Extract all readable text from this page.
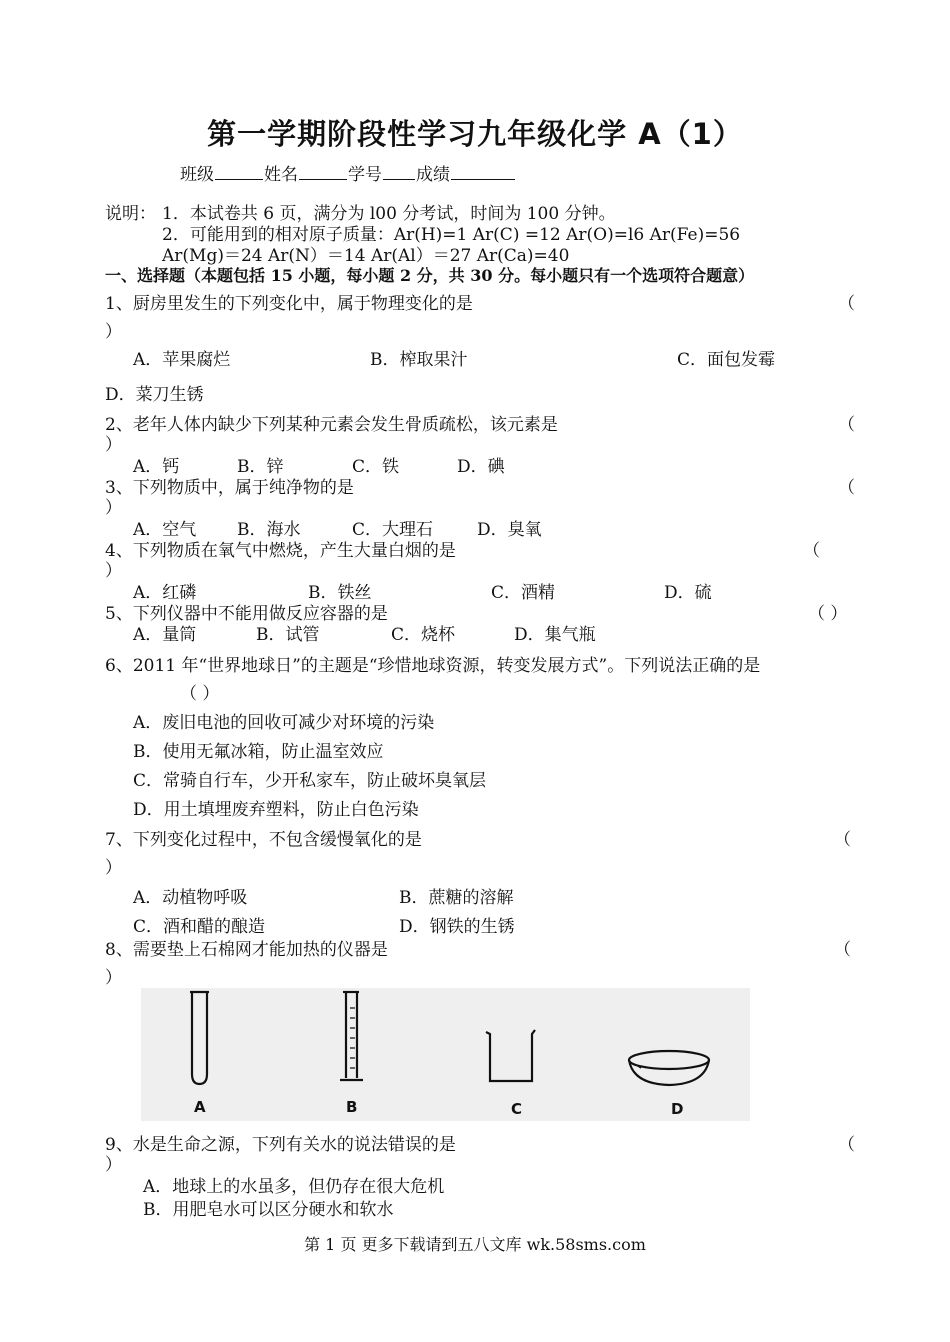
第一学期阶段性学习九年级化学 A（1）
班级	姓名	学号 成绩
说明： 1．本试卷共 6 页，满分为 l00 分考试，时间为 100 分钟。
2．可能用到的相对原子质量：Ar(H)=1 Ar(C) =12 Ar(O)=l6 Ar(Fe)=56
Ar(Mg)＝24 Ar(N）＝14 Ar(Al）＝27 Ar(Ca)=40
一、选择题（本题包括 15 小题，每小题 2 分，共 30 分。每小题只有一个选项符合题意）
1、厨房里发生的下列变化中，属于物理变化的是	（
）
A．苹果腐烂	B．榨取果汁	C．面包发霉
D．菜刀生锈
2、老年人体内缺少下列某种元素会发生骨质疏松，该元素是	（
）
A．钙	B．锌	C．铁	D．碘
3、下列物质中，属于纯净物的是	（
）
A．空气 B．海水	C．大理石	D．臭氧
4、下列物质在氧气中燃烧，产生大量白烟的是	（
）
A．红磷	B．铁丝	C．酒精	D．硫
5、下列仪器中不能用做反应容器的是	（ ）
A．量筒	B．试管	C．烧杯	D．集气瓶
6、2011 年“世界地球日”的主题是“珍惜地球资源，转变发展方式”。下列说法正确的是
（ ）
A．废旧电池的回收可减少对环境的污染
B．使用无氟冰箱，防止温室效应
C．常骑自行车，少开私家车，防止破坏臭氧层
D．用土填埋废弃塑料，防止白色污染
7、下列变化过程中，不包含缓慢氧化的是	（
）
A．动植物呼吸	B．蔗糖的溶解
C．酒和醋的酿造	D．钢铁的生锈
8、需要垫上石棉网才能加热的仪器是	（
）
A	B	C	D
9、水是生命之源，下列有关水的说法错误的是	（
）
A．地球上的水虽多，但仍存在很大危机
B．用肥皂水可以区分硬水和软水
第 1 页 更多下载请到五八文库 wk.58sms.com
